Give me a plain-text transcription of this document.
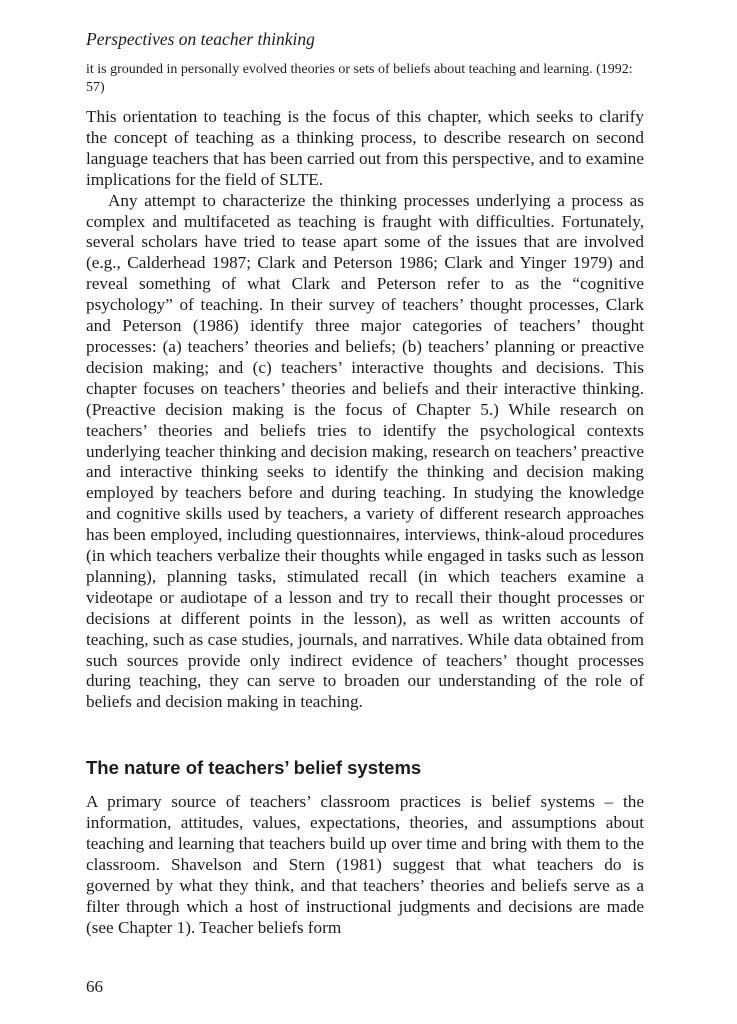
Perspectives on teacher thinking

it is grounded in personally evolved theories or sets of beliefs about teaching and learning. (1992: 57)

This orientation to teaching is the focus of this chapter, which seeks to clarify the concept of teaching as a thinking process, to describe research on second language teachers that has been carried out from this perspective, and to examine implications for the field of SLTE.

Any attempt to characterize the thinking processes underlying a process as complex and multifaceted as teaching is fraught with difficulties. Fortunately, several scholars have tried to tease apart some of the issues that are involved (e.g., Calderhead 1987; Clark and Peterson 1986; Clark and Yinger 1979) and reveal something of what Clark and Peterson refer to as the “cognitive psychology” of teaching. In their survey of teachers’ thought processes, Clark and Peterson (1986) identify three major categories of teachers’ thought processes: (a) teachers’ theories and beliefs; (b) teachers’ planning or preactive decision making; and (c) teachers’ interactive thoughts and decisions. This chapter focuses on teachers’ theories and beliefs and their interactive thinking. (Preactive decision making is the focus of Chapter 5.) While research on teachers’ theories and beliefs tries to identify the psychological contexts underlying teacher thinking and decision making, research on teachers’ preactive and interactive thinking seeks to identify the thinking and decision making employed by teachers before and during teaching. In studying the knowledge and cognitive skills used by teachers, a variety of different research approaches has been employed, including questionnaires, interviews, think-aloud procedures (in which teachers verbalize their thoughts while engaged in tasks such as lesson planning), planning tasks, stimulated recall (in which teachers examine a videotape or audiotape of a lesson and try to recall their thought processes or decisions at different points in the lesson), as well as written accounts of teaching, such as case studies, journals, and narratives. While data obtained from such sources provide only indirect evidence of teachers’ thought processes during teaching, they can serve to broaden our understanding of the role of beliefs and decision making in teaching.

The nature of teachers’ belief systems

A primary source of teachers’ classroom practices is belief systems – the information, attitudes, values, expectations, theories, and assumptions about teaching and learning that teachers build up over time and bring with them to the classroom. Shavelson and Stern (1981) suggest that what teachers do is governed by what they think, and that teachers’ theories and beliefs serve as a filter through which a host of instructional judgments and decisions are made (see Chapter 1). Teacher beliefs form

66
